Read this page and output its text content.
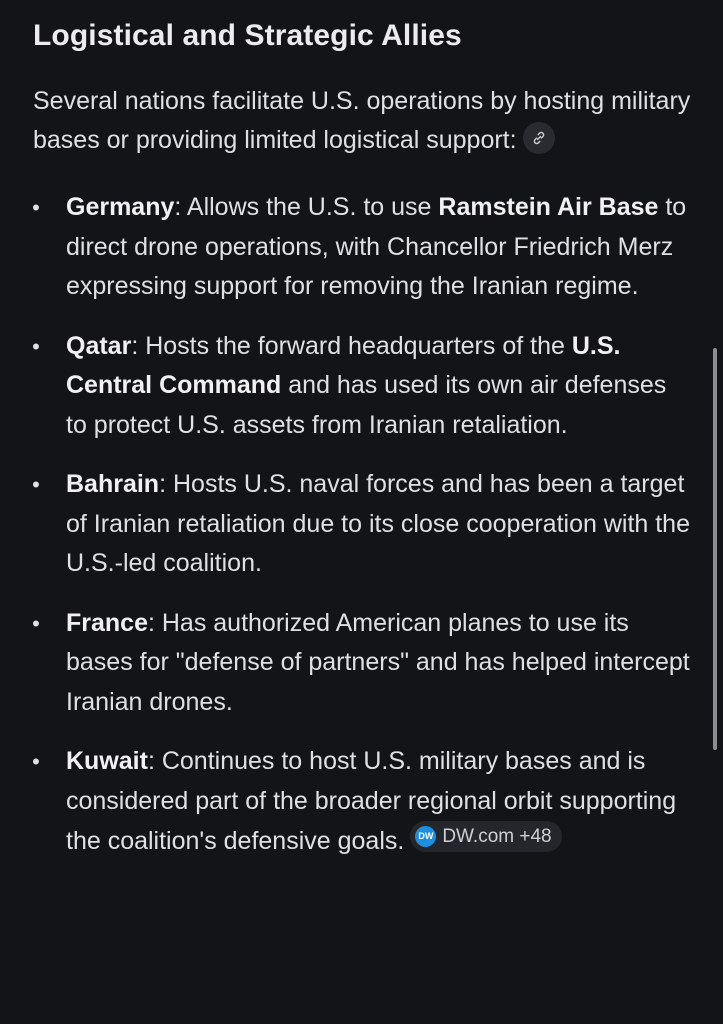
Logistical and Strategic Allies

Several nations facilitate U.S. operations by hosting military bases or providing limited logistical support:

• Germany: Allows the U.S. to use Ramstein Air Base to direct drone operations, with Chancellor Friedrich Merz expressing support for removing the Iranian regime.
• Qatar: Hosts the forward headquarters of the U.S. Central Command and has used its own air defenses to protect U.S. assets from Iranian retaliation.
• Bahrain: Hosts U.S. naval forces and has been a target of Iranian retaliation due to its close cooperation with the U.S.-led coalition.
• France: Has authorized American planes to use its bases for "defense of partners" and has helped intercept Iranian drones.
• Kuwait: Continues to host U.S. military bases and is considered part of the broader regional orbit supporting the coalition's defensive goals.	DW DW.com +48
